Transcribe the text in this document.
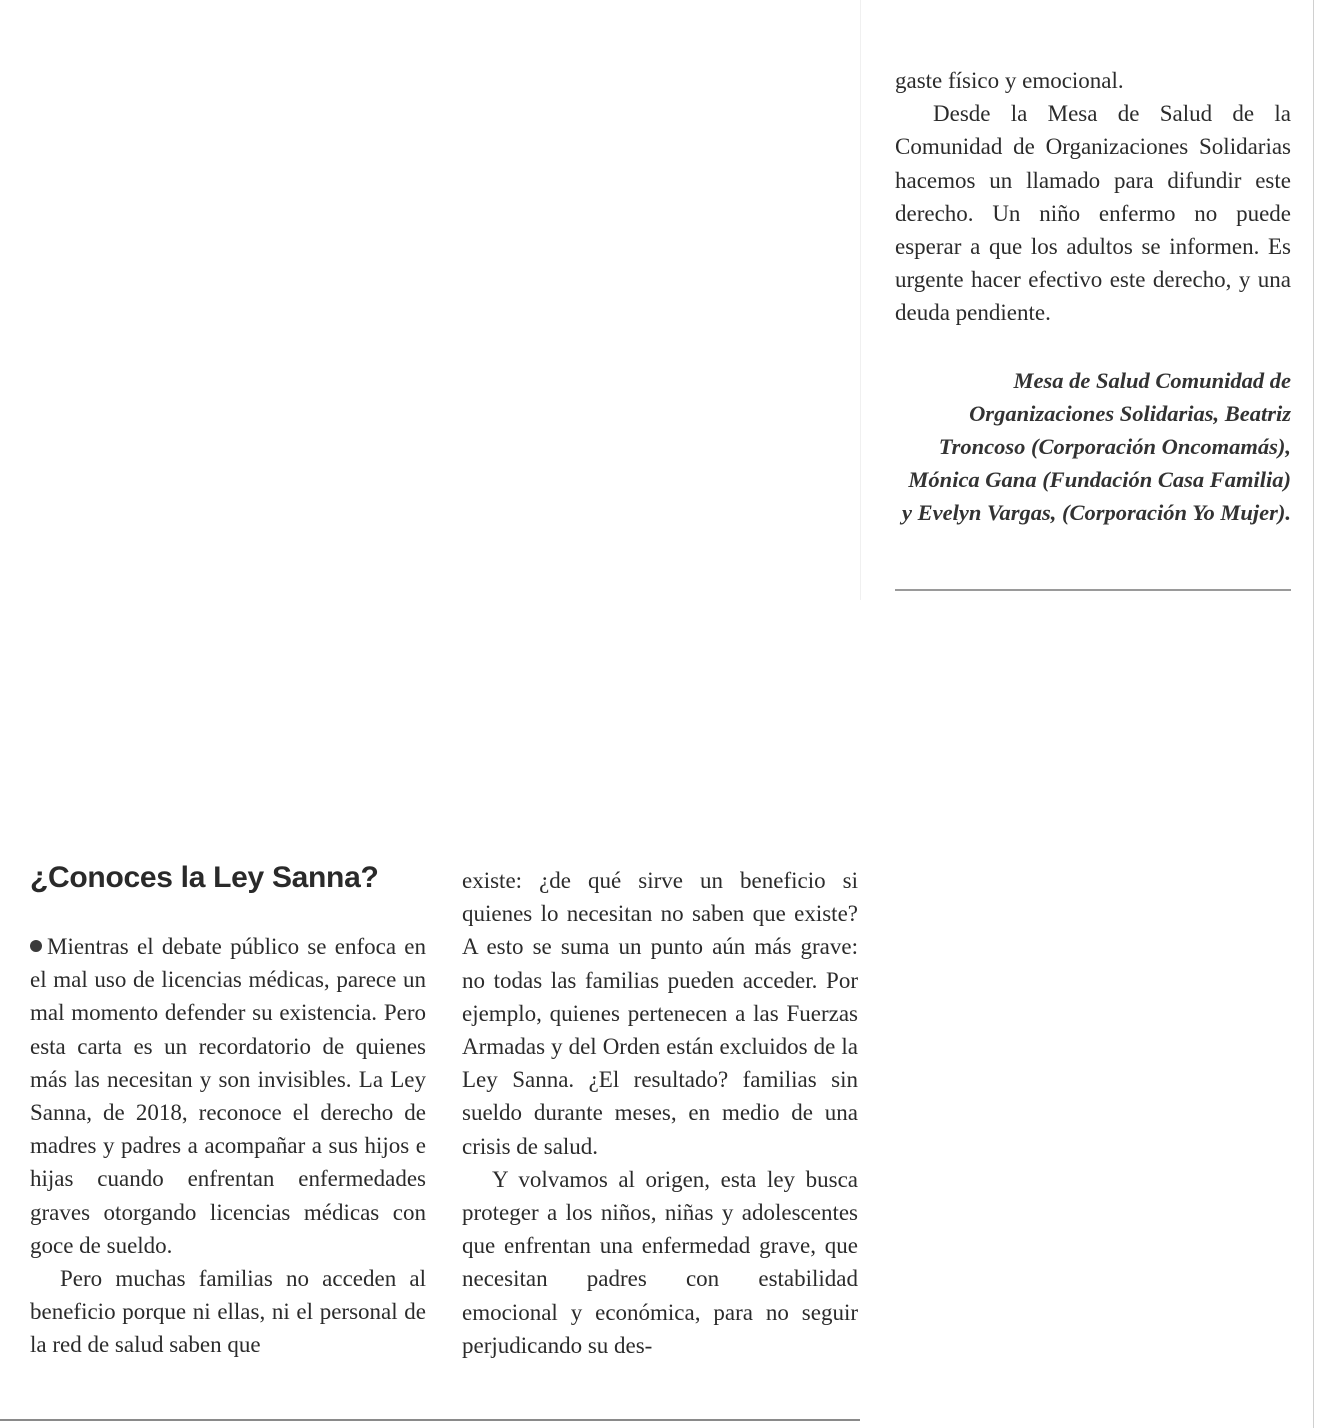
gaste físico y emocional.

Desde la Mesa de Salud de la Comunidad de Organizaciones Solidarias hacemos un llamado para difundir este derecho. Un niño enfermo no puede esperar a que los adultos se informen. Es urgente hacer efectivo este derecho, y una deuda pendiente.

Mesa de Salud Comunidad de Organizaciones Solidarias, Beatriz Troncoso (Corporación Oncomamás), Mónica Gana (Fundación Casa Familia) y Evelyn Vargas, (Corporación Yo Mujer).

¿Conoces la Ley Sanna?

Mientras el debate público se enfoca en el mal uso de licencias médicas, parece un mal momento defender su existencia. Pero esta carta es un recordatorio de quienes más las necesitan y son invisibles. La Ley Sanna, de 2018, reconoce el derecho de madres y padres a acompañar a sus hijos e hijas cuando enfrentan enfermedades graves otorgando licencias médicas con goce de sueldo.

Pero muchas familias no acceden al beneficio porque ni ellas, ni el personal de la red de salud saben que

existe: ¿de qué sirve un beneficio si quienes lo necesitan no saben que existe? A esto se suma un punto aún más grave: no todas las familias pueden acceder. Por ejemplo, quienes pertenecen a las Fuerzas Armadas y del Orden están excluidos de la Ley Sanna. ¿El resultado? familias sin sueldo durante meses, en medio de una crisis de salud.

Y volvamos al origen, esta ley busca proteger a los niños, niñas y adolescentes que enfrentan una enfermedad grave, que necesitan padres con estabilidad emocional y económica, para no seguir perjudicando su des-
